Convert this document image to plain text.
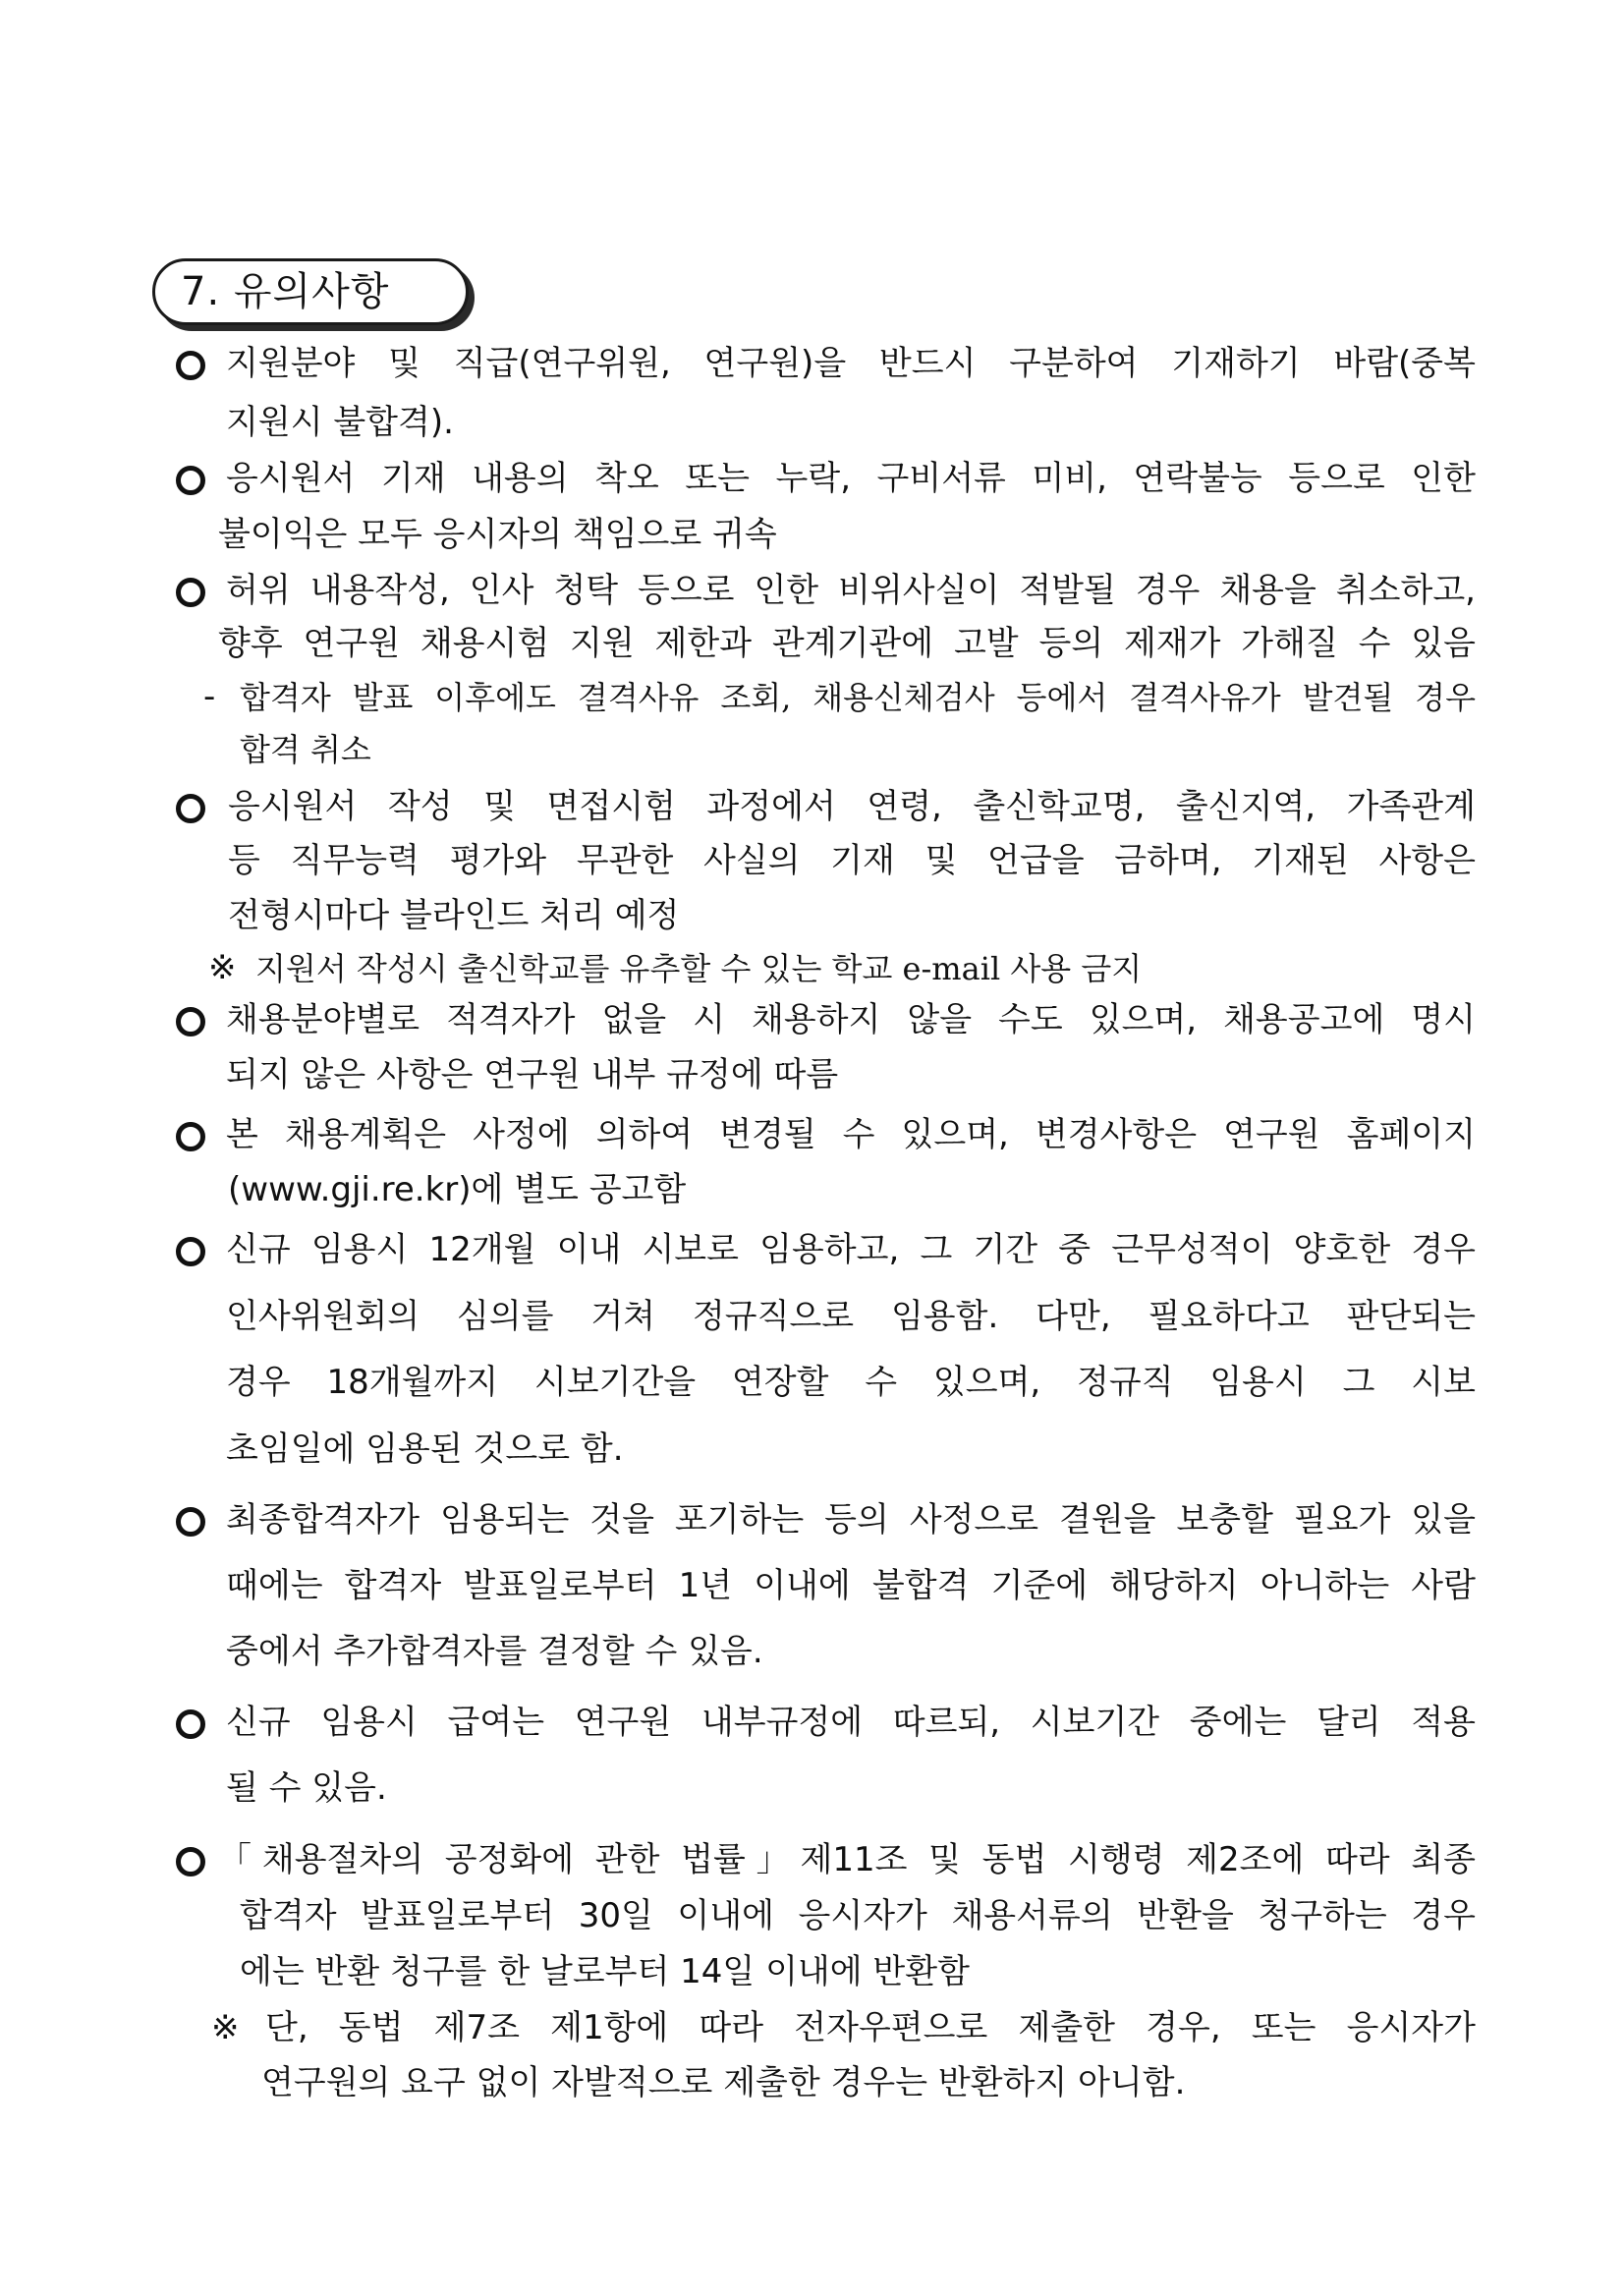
7. 유의사항
지원분야 및 직급(연구위원, 연구원)을 반드시 구분하여 기재하기 바람(중복
지원시 불합격).
응시원서 기재 내용의 착오 또는 누락, 구비서류 미비, 연락불능 등으로 인한
불이익은 모두 응시자의 책임으로 귀속
허위 내용작성, 인사 청탁 등으로 인한 비위사실이 적발될 경우 채용을 취소하고,
향후 연구원 채용시험 지원 제한과 관계기관에 고발 등의 제재가 가해질 수 있음
- 합격자 발표 이후에도 결격사유 조회, 채용신체검사 등에서 결격사유가 발견될 경우
합격 취소
응시원서 작성 및 면접시험 과정에서 연령, 출신학교명, 출신지역, 가족관계
등 직무능력 평가와 무관한 사실의 기재 및 언급을 금하며, 기재된 사항은
전형시마다 블라인드 처리 예정
※ 지원서 작성시 출신학교를 유추할 수 있는 학교 e-mail 사용 금지
채용분야별로 적격자가 없을 시 채용하지 않을 수도 있으며, 채용공고에 명시
되지 않은 사항은 연구원 내부 규정에 따름
본 채용계획은 사정에 의하여 변경될 수 있으며, 변경사항은 연구원 홈페이지
(www.gji.re.kr)에 별도 공고함
신규 임용시 12개월 이내 시보로 임용하고, 그 기간 중 근무성적이 양호한 경우
인사위원회의 심의를 거쳐 정규직으로 임용함. 다만, 필요하다고 판단되는
경우 18개월까지 시보기간을 연장할 수 있으며, 정규직 임용시 그 시보
초임일에 임용된 것으로 함.
최종합격자가 임용되는 것을 포기하는 등의 사정으로 결원을 보충할 필요가 있을
때에는 합격자 발표일로부터 1년 이내에 불합격 기준에 해당하지 아니하는 사람
중에서 추가합격자를 결정할 수 있음.
신규 임용시 급여는 연구원 내부규정에 따르되, 시보기간 중에는 달리 적용
될 수 있음.
「채용절차의 공정화에 관한 법률」제11조 및 동법 시행령 제2조에 따라 최종
합격자 발표일로부터 30일 이내에 응시자가 채용서류의 반환을 청구하는 경우
에는 반환 청구를 한 날로부터 14일 이내에 반환함
※ 단, 동법 제7조 제1항에 따라 전자우편으로 제출한 경우, 또는 응시자가
연구원의 요구 없이 자발적으로 제출한 경우는 반환하지 아니함.
